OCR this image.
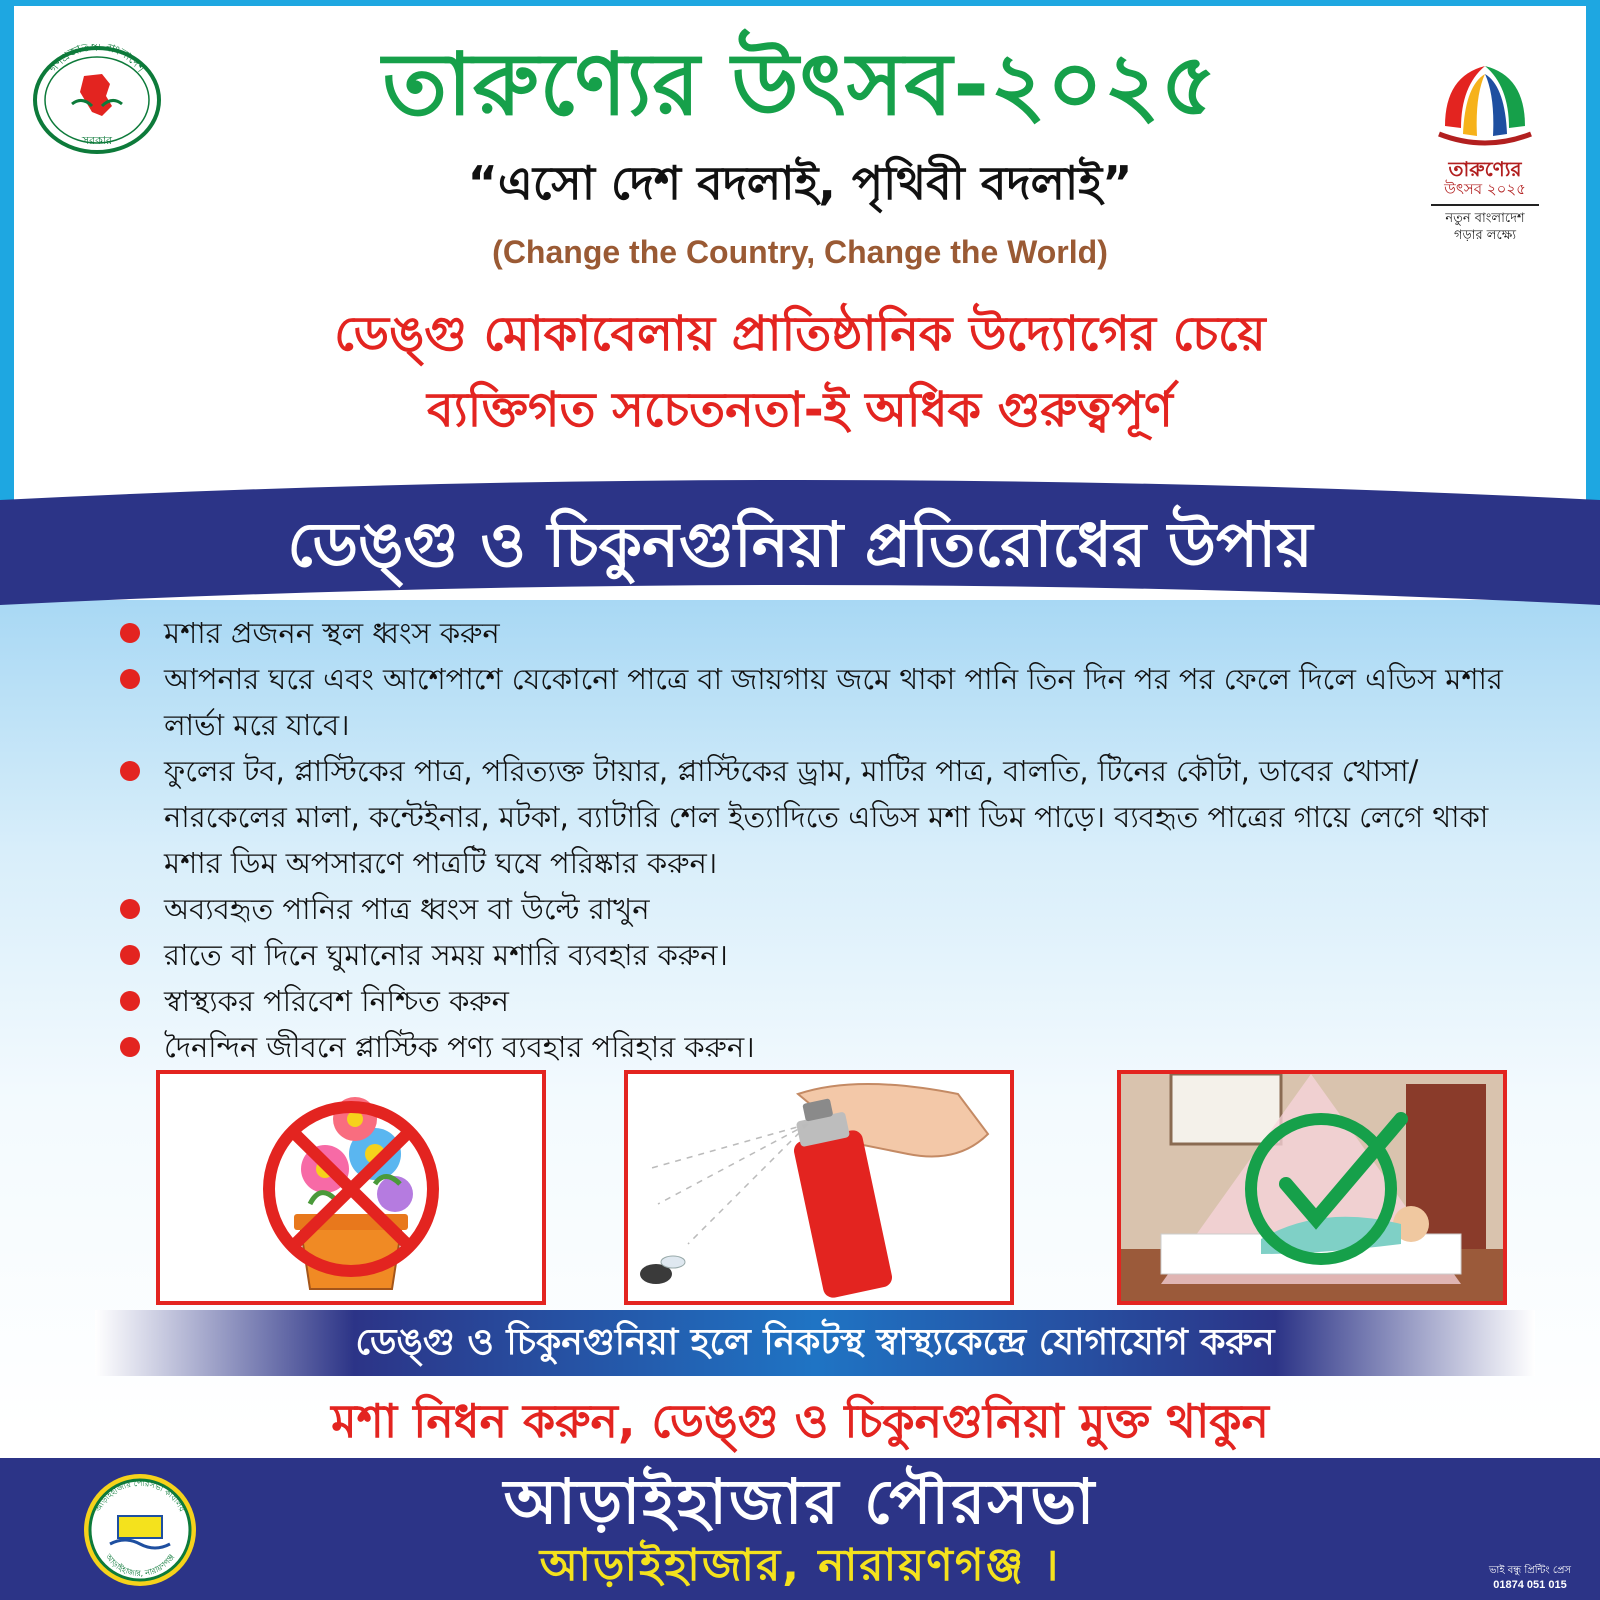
গণপ্রজাতন্ত্রী বাংলাদেশ
সরকার
তারুণ্যের
উৎসব ২০২৫
নতুন বাংলাদেশ
গড়ার লক্ষ্যে
তারুণ্যের উৎসব-২০২৫
“এসো দেশ বদলাই, পৃথিবী বদলাই”
(Change the Country, Change the World)
ডেঙ্গু মোকাবেলায় প্রাতিষ্ঠানিক উদ্যোগের চেয়ে
ব্যক্তিগত সচেতনতা-ই অধিক গুরুত্বপূর্ণ
ডেঙ্গু ও চিকুনগুনিয়া প্রতিরোধের উপায়
মশার প্রজনন স্থল ধ্বংস করুন
আপনার ঘরে এবং আশেপাশে যেকোনো পাত্রে বা জায়গায় জমে থাকা পানি তিন দিন পর পর ফেলে দিলে এডিস মশার লার্ভা মরে যাবে।
ফুলের টব, প্লাস্টিকের পাত্র, পরিত্যক্ত টায়ার, প্লাস্টিকের ড্রাম, মাটির পাত্র, বালতি, টিনের কৌটা, ডাবের খোসা/নারকেলের মালা, কন্টেইনার, মটকা, ব্যাটারি শেল ইত্যাদিতে এডিস মশা ডিম পাড়ে। ব্যবহৃত পাত্রের গায়ে লেগে থাকা মশার ডিম অপসারণে পাত্রটি ঘষে পরিষ্কার করুন।
অব্যবহৃত পানির পাত্র ধ্বংস বা উল্টে রাখুন
রাতে বা দিনে ঘুমানোর সময় মশারি ব্যবহার করুন।
স্বাস্থ্যকর পরিবেশ নিশ্চিত করুন
দৈনন্দিন জীবনে প্লাস্টিক পণ্য ব্যবহার পরিহার করুন।
ডেঙ্গু ও চিকুনগুনিয়া হলে নিকটস্থ স্বাস্থ্যকেন্দ্রে যোগাযোগ করুন
মশা নিধন করুন, ডেঙ্গু ও চিকুনগুনিয়া মুক্ত থাকুন
আড়াইহাজার পৌরসভা কার্যালয়
আড়াইহাজার, নারায়ণগঞ্জ
আড়াইহাজার পৌরসভা
আড়াইহাজার, নারায়ণগঞ্জ ।	ভাই বন্ধু প্রিন্টিং প্রেস
01874 051 015
